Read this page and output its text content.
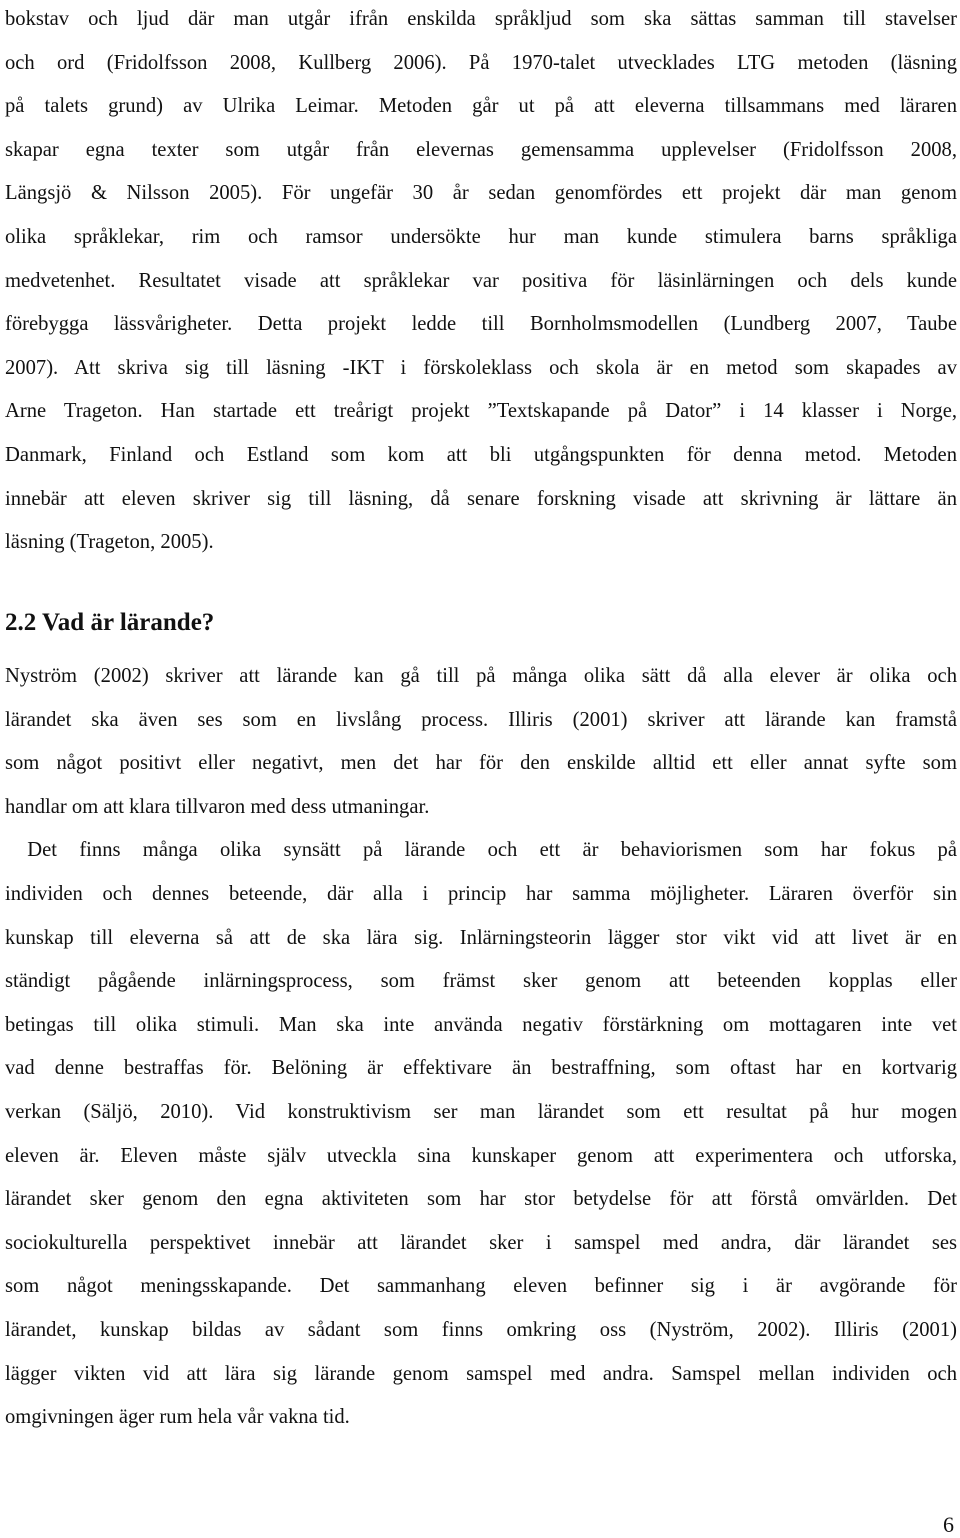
bokstav och ljud där man utgår ifrån enskilda språkljud som ska sättas samman till stavelser
och ord (Fridolfsson 2008, Kullberg 2006). På 1970-talet utvecklades LTG metoden (läsning
på talets grund) av Ulrika Leimar. Metoden går ut på att eleverna tillsammans med läraren
skapar egna texter som utgår från elevernas gemensamma upplevelser (Fridolfsson 2008,
Längsjö & Nilsson 2005). För ungefär 30 år sedan genomfördes ett projekt där man genom
olika språklekar, rim och ramsor undersökte hur man kunde stimulera barns språkliga
medvetenhet. Resultatet visade att språklekar var positiva för läsinlärningen och dels kunde
förebygga lässvårigheter. Detta projekt ledde till Bornholmsmodellen (Lundberg 2007, Taube
2007). Att skriva sig till läsning -IKT i förskoleklass och skola är en metod som skapades av
Arne Trageton. Han startade ett treårigt projekt ”Textskapande på Dator” i 14 klasser i Norge,
Danmark, Finland och Estland som kom att bli utgångspunkten för denna metod. Metoden
innebär att eleven skriver sig till läsning, då senare forskning visade att skrivning är lättare än
läsning (Trageton, 2005).
2.2 Vad är lärande?
Nyström (2002) skriver att lärande kan gå till på många olika sätt då alla elever är olika och
lärandet ska även ses som en livslång process. Illiris (2001) skriver att lärande kan framstå
som något positivt eller negativt, men det har för den enskilde alltid ett eller annat syfte som
handlar om att klara tillvaron med dess utmaningar.
Det finns många olika synsätt på lärande och ett är behaviorismen som har fokus på
individen och dennes beteende, där alla i princip har samma möjligheter. Läraren överför sin
kunskap till eleverna så att de ska lära sig. Inlärningsteorin lägger stor vikt vid att livet är en
ständigt pågående inlärningsprocess, som främst sker genom att beteenden kopplas eller
betingas till olika stimuli. Man ska inte använda negativ förstärkning om mottagaren inte vet
vad denne bestraffas för. Belöning är effektivare än bestraffning, som oftast har en kortvarig
verkan (Säljö, 2010). Vid konstruktivism ser man lärandet som ett resultat på hur mogen
eleven är. Eleven måste själv utveckla sina kunskaper genom att experimentera och utforska,
lärandet sker genom den egna aktiviteten som har stor betydelse för att förstå omvärlden. Det
sociokulturella perspektivet innebär att lärandet sker i samspel med andra, där lärandet ses
som något meningsskapande. Det sammanhang eleven befinner sig i är avgörande för
lärandet, kunskap bildas av sådant som finns omkring oss (Nyström, 2002). Illiris (2001)
lägger vikten vid att lära sig lärande genom samspel med andra. Samspel mellan individen och
omgivningen äger rum hela vår vakna tid.
6
